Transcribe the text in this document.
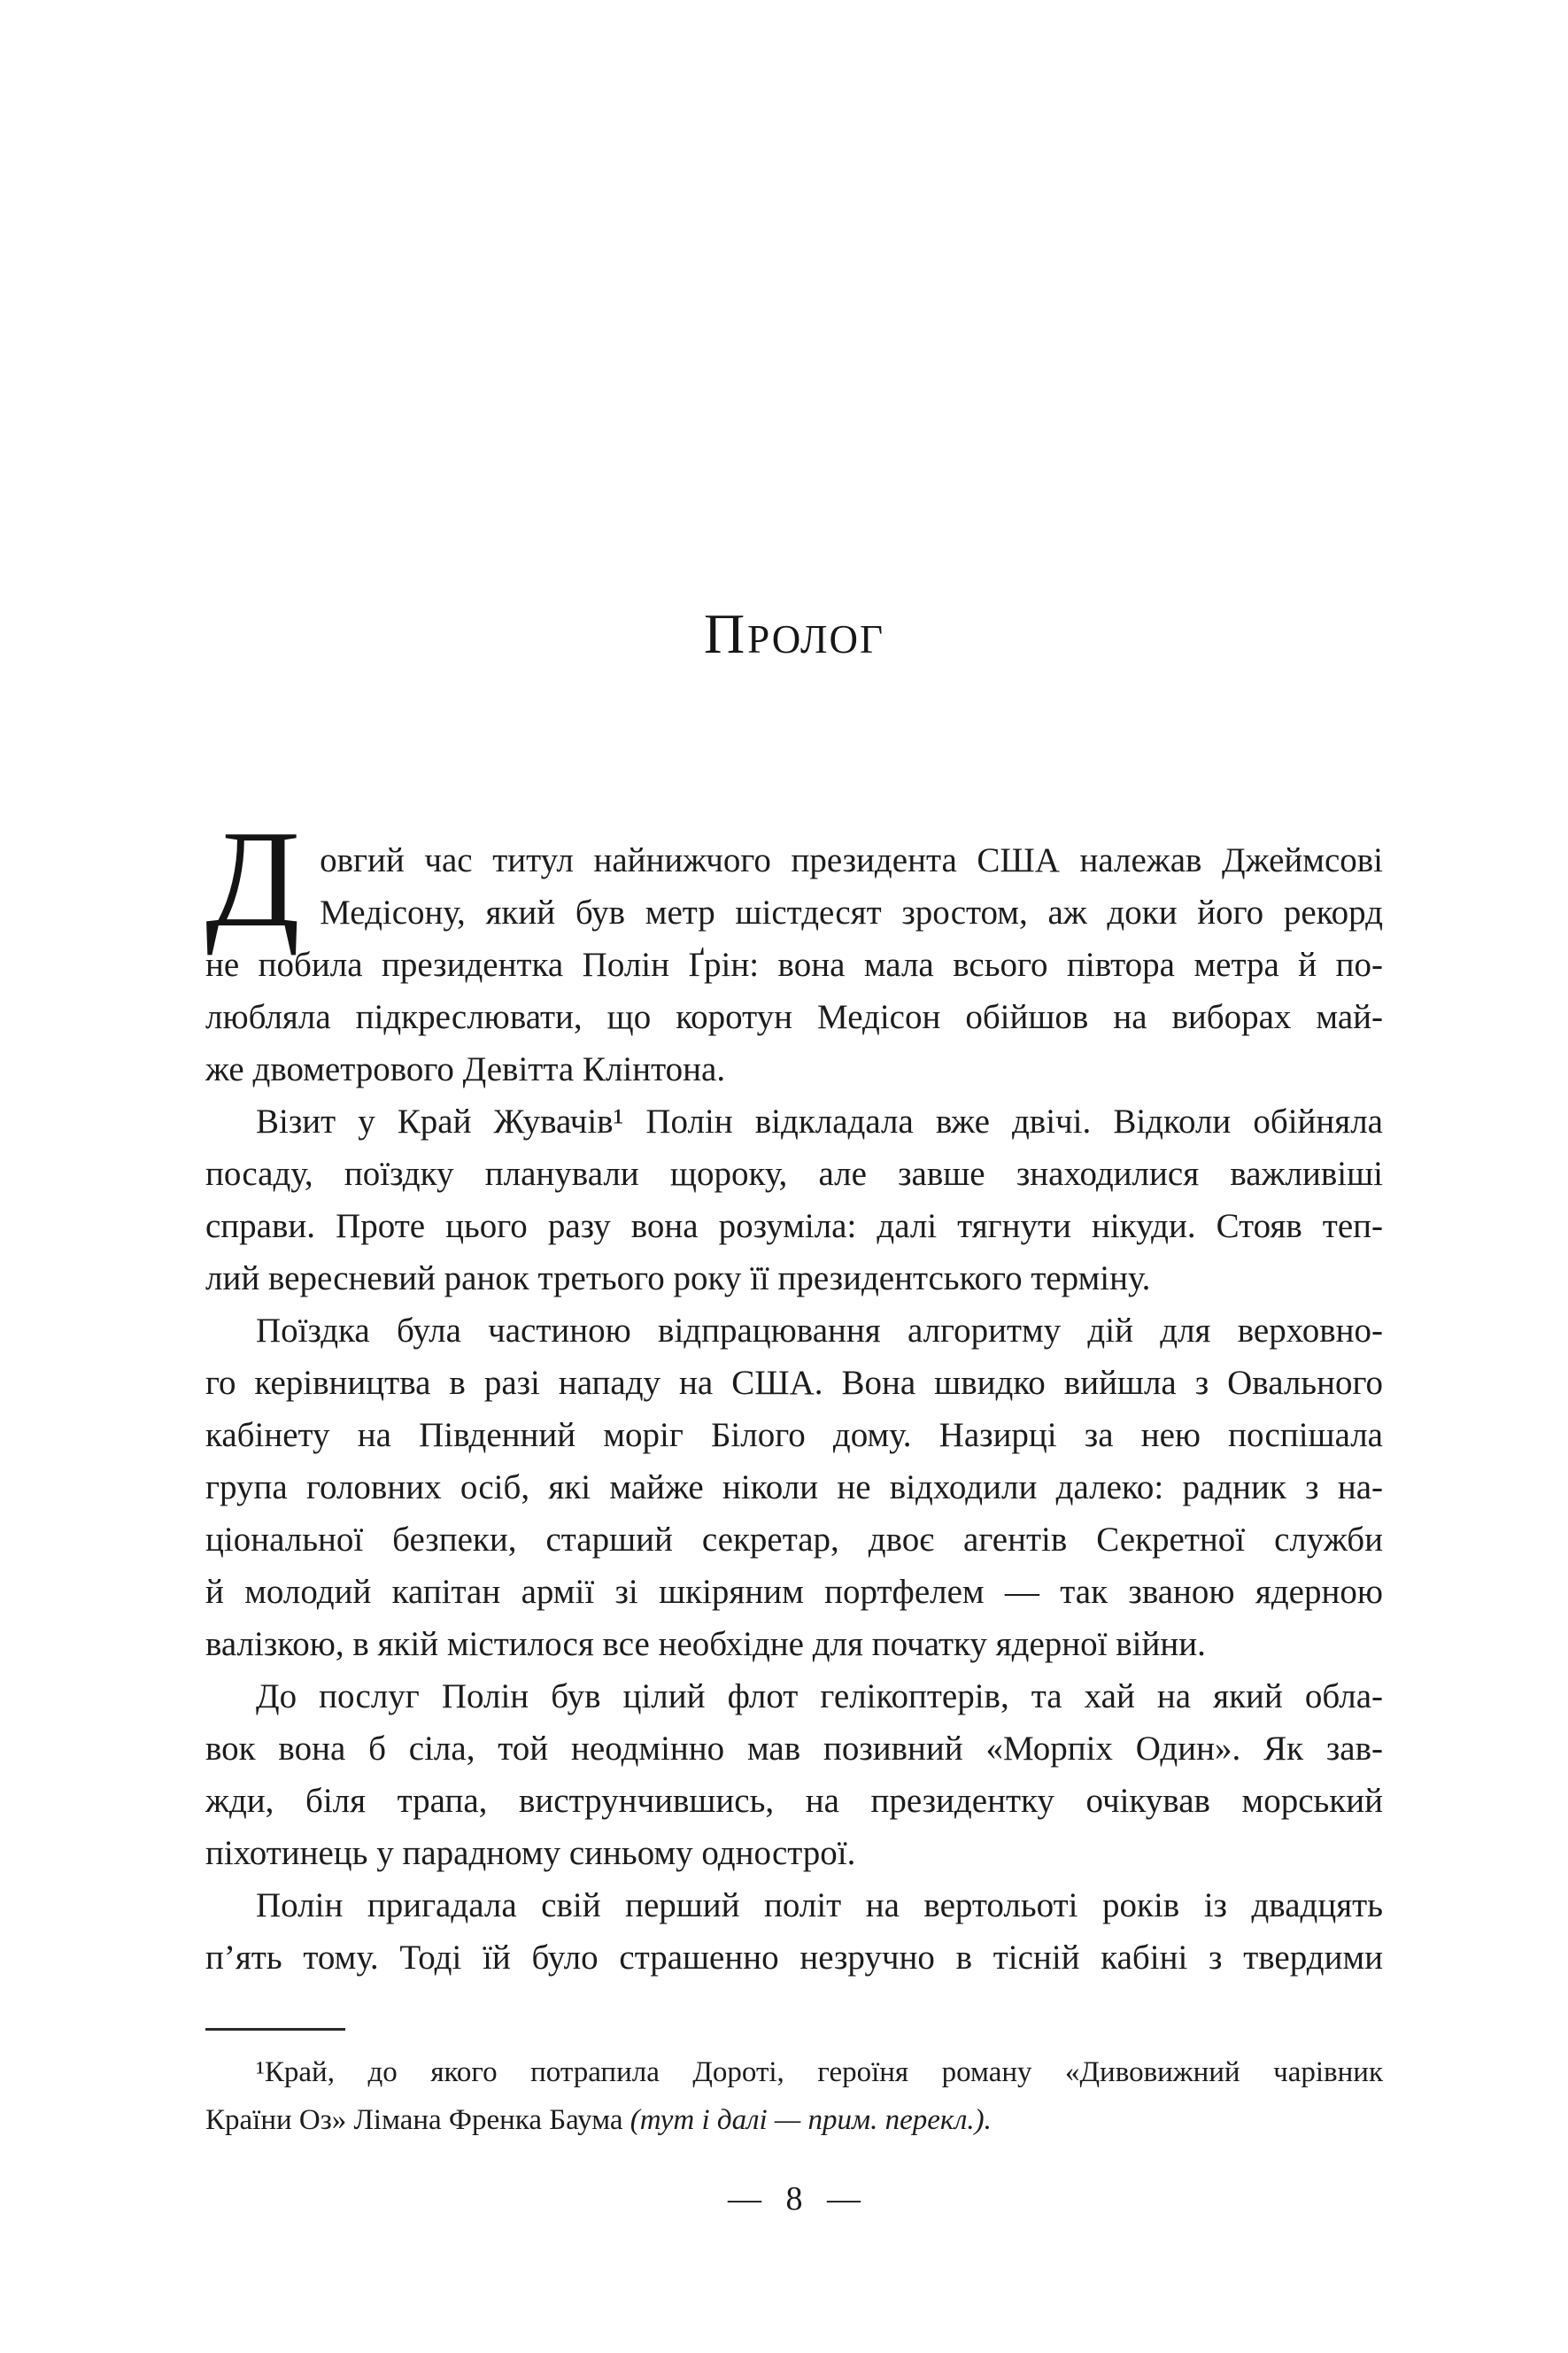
ПРОЛОГ

Д овгий час титул найнижчого президента США належав Джеймсові
Медісону, який був метр шістдесят зростом, аж доки його рекорд
не побила президентка Полін Ґрін: вона мала всього півтора метра й по-
любляла підкреслювати, що коротун Медісон обійшов на виборах май-
же двометрового Девітта Клінтона.

Візит у Край Жувачів¹ Полін відкладала вже двічі. Відколи обійняла
посаду, поїздку планували щороку, але завше знаходилися важливіші
справи. Проте цього разу вона розуміла: далі тягнути нікуди. Стояв теп-
лий вересневий ранок третього року її президентського терміну.

Поїздка була частиною відпрацювання алгоритму дій для верховно-
го керівництва в разі нападу на США. Вона швидко вийшла з Овального
кабінету на Південний моріг Білого дому. Назирці за нею поспішала
група головних осіб, які майже ніколи не відходили далеко: радник з на-
ціональної безпеки, старший секретар, двоє агентів Секретної служби
й молодий капітан армії зі шкіряним портфелем — так званою ядерною
валізкою, в якій містилося все необхідне для початку ядерної війни.

До послуг Полін був цілий флот гелікоптерів, та хай на який обла-
вок вона б сіла, той неодмінно мав позивний «Морпіх Один». Як зав-
жди, біля трапа, виструнчившись, на президентку очікував морський
піхотинець у парадному синьому однострої.

Полін пригадала свій перший політ на вертольоті років із двадцять
п’ять тому. Тоді їй було страшенно незручно в тісній кабіні з твердими

¹Край, до якого потрапила Дороті, героїня роману «Дивовижний чарівник
Країни Оз» Лімана Френка Баума (тут і далі — прим. перекл.).
— 8 —
